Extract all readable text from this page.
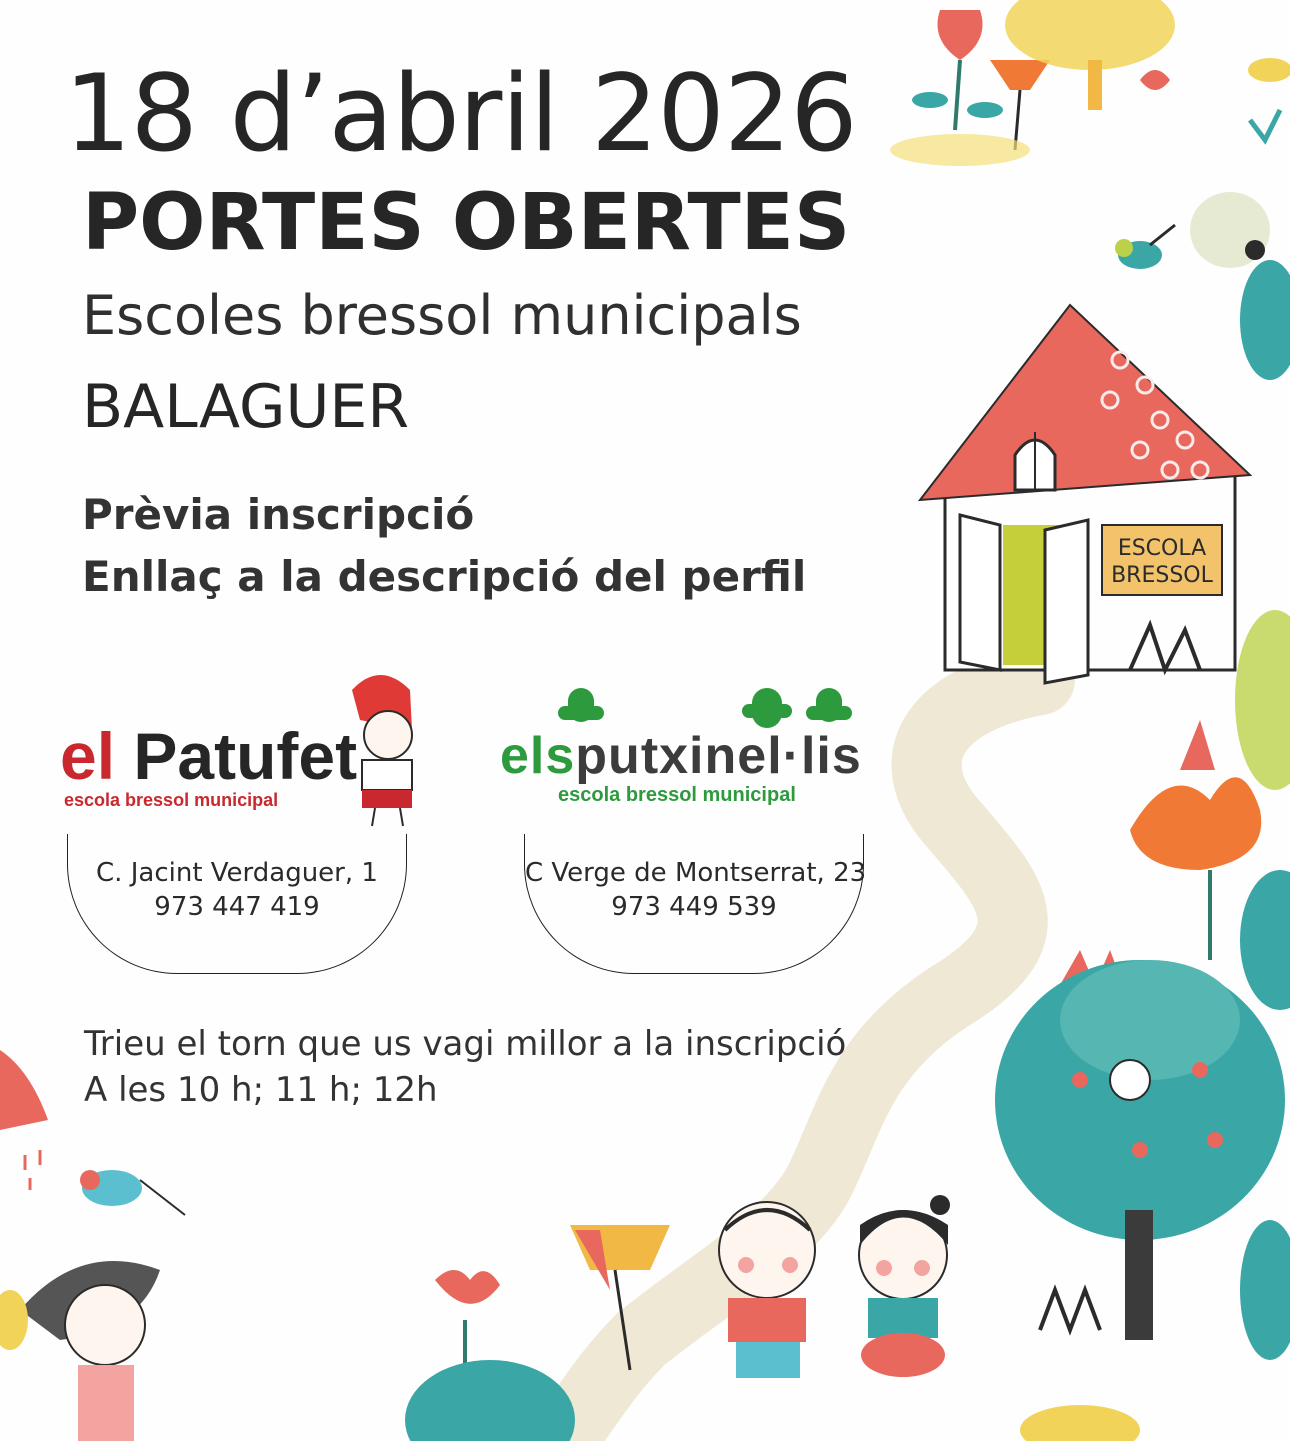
ESCOLA
BRESSOL
18 d’abril 2026
PORTES OBERTES

Escoles bressol municipals

BALAGUER

Prèvia inscripció

Enllaç a la descripció del perfil

el Patufet
escola bressol municipal
elsputxinel·lis
escola bressol municipal

C. Jacint Verdaguer, 1

973 447 419

C Verge de Montserrat, 23

973 449 539

Trieu el torn que us vagi millor a la inscripció

A les 10 h; 11 h; 12h
